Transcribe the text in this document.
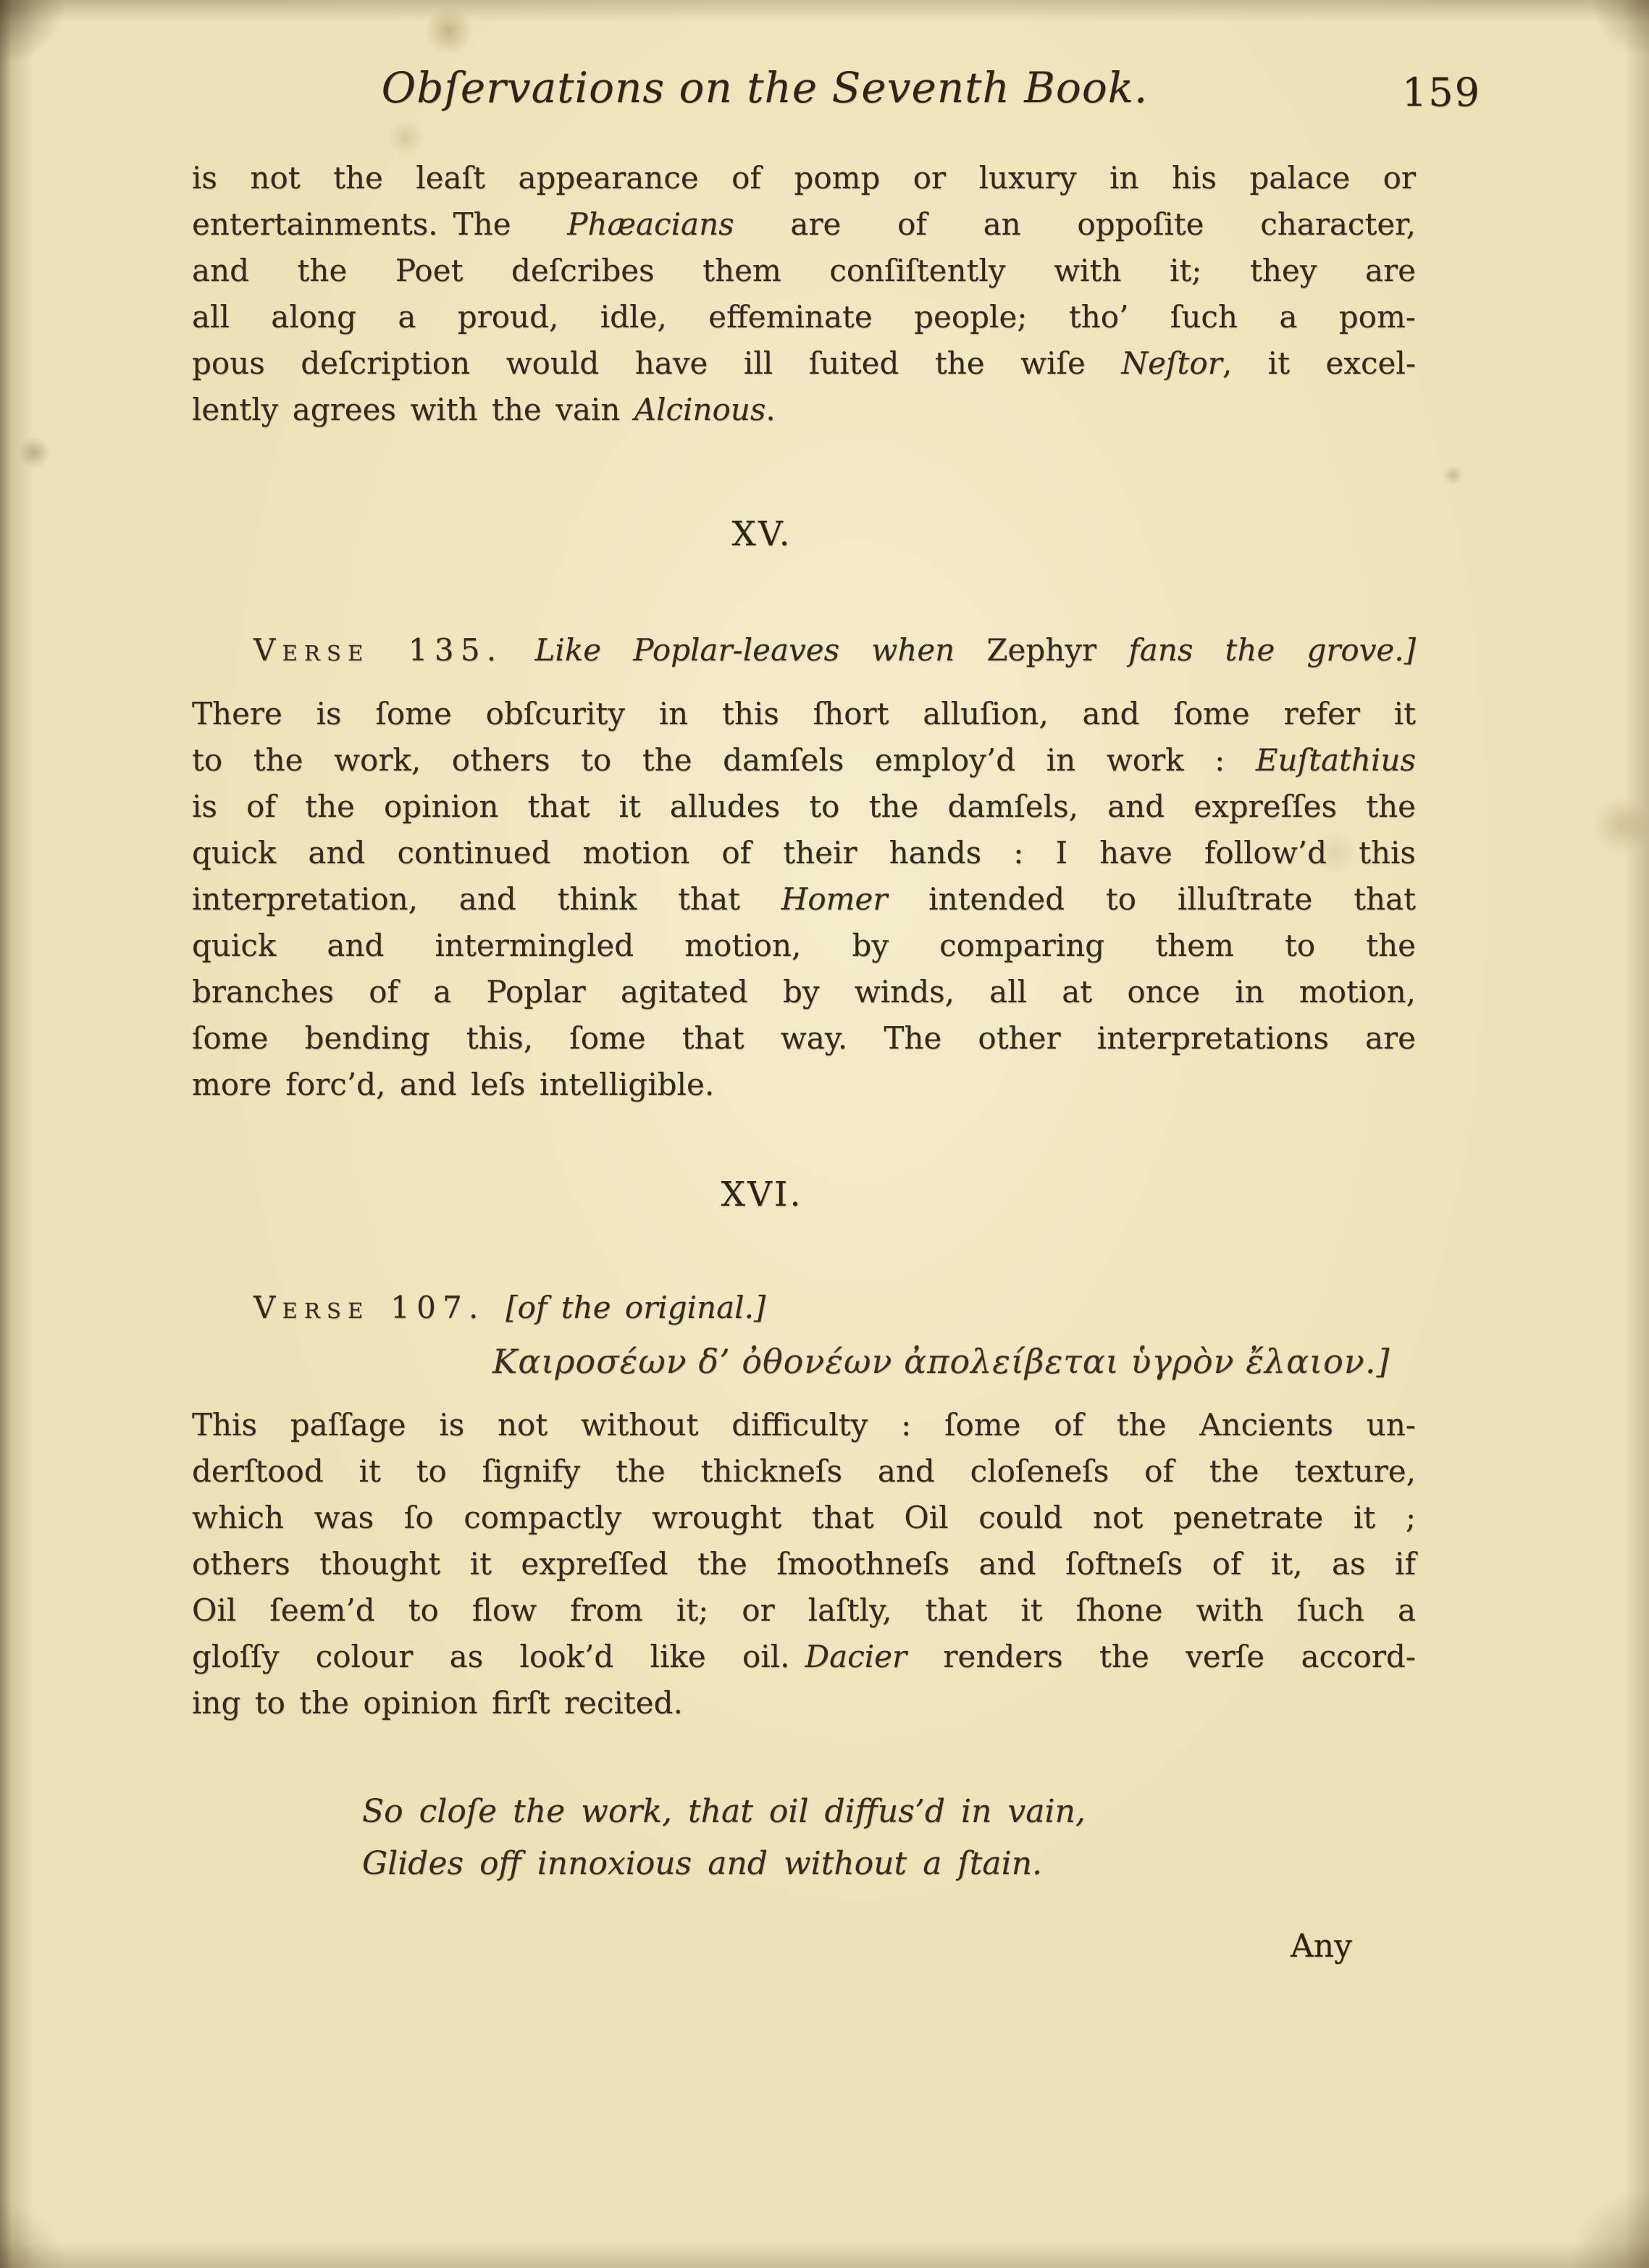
Obſervations on the Seventh Book.	159
is not the leaſt appearance of pomp or luxury in his palace or
entertainments. The Phæacians are of an oppoſite character,
and the Poet deſcribes them conſiſtently with it; they are
all along a proud, idle, effeminate people; tho’ ſuch a pom-
pous deſcription would have ill ſuited the wiſe Neſtor, it excel-
lently agrees with the vain Alcinous.
XV.
Verse 135. Like Poplar-leaves when Zephyr fans the grove.]
There is ſome obſcurity in this ſhort alluſion, and ſome refer it
to the work, others to the damſels employ’d in work : Euſtathius
is of the opinion that it alludes to the damſels, and expreſſes the
quick and continued motion of their hands : I have follow’d this
interpretation, and think that Homer intended to illuſtrate that
quick and intermingled motion, by comparing them to the
branches of a Poplar agitated by winds, all at once in motion,
ſome bending this, ſome that way. The other interpretations are
more forc’d, and leſs intelligible.
XVI.
Verse 107. [of the original.]
Καιροσέων δ’ ὀθονέων ἀπολείβεται ὑγρὸν ἔλαιον.]
This paſſage is not without difficulty : ſome of the Ancients un-
derſtood it to ſignify the thickneſs and cloſeneſs of the texture,
which was ſo compactly wrought that Oil could not penetrate it ;
others thought it expreſſed the ſmoothneſs and ſoftneſs of it, as if
Oil ſeem’d to flow from it; or laſtly, that it ſhone with ſuch a
gloſſy colour as look’d like oil. Dacier renders the verſe accord-
ing to the opinion firſt recited.
So cloſe the work, that oil diffus’d in vain,
Glides off innoxious and without a ſtain.
Any
